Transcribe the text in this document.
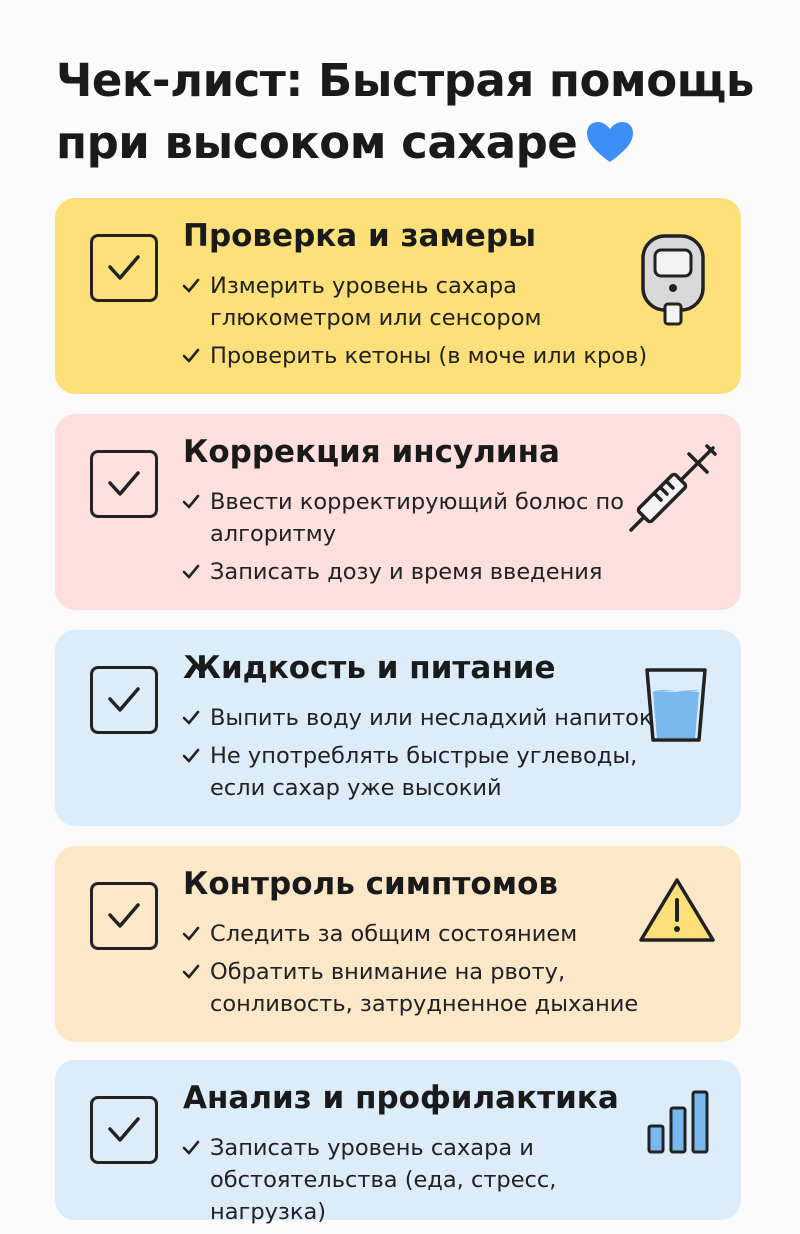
Чек-лист: Быстрая помощь при высоком сахаре
Проверка и замеры
Измерить уровень сахара глюкометром или сенсором
Проверить кетоны (в моче или кров)
Коррекция инсулина
Ввести корректирующий болюс по алгоритму
Записать дозу и время введения
Жидкость и питание
Выпить воду или несладхий напиток
Не употреблять быстрые углеводы, если сахар уже высокий
Контроль симптомов
Следить за общим состоянием
Обратить внимание на рвоту, сонливость, затрудненное дыхание
Анализ и профилактика
Записать уровень сахара и обстоятельства (еда, стресс, нагрузка)
